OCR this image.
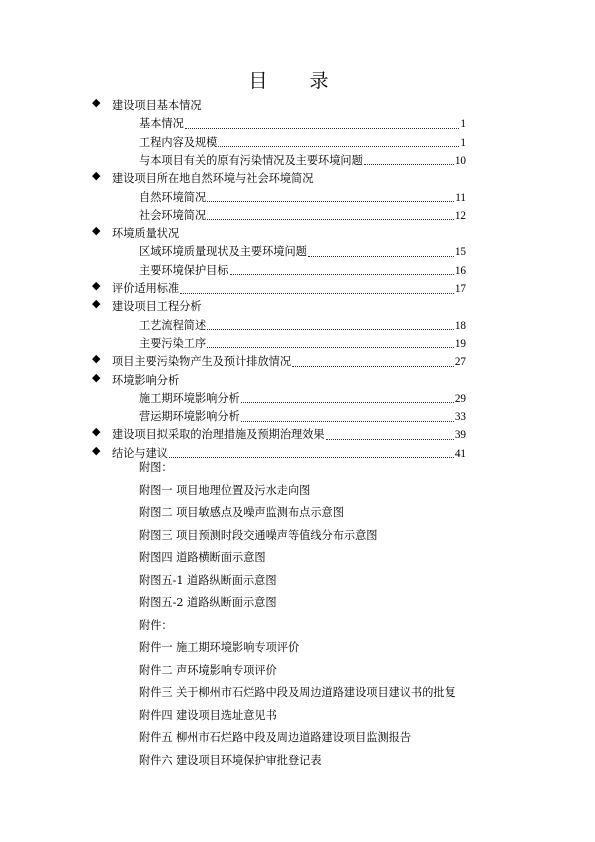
目 录
◆	建设项目基本情况
基本情况	1
工程内容及规模	1
与本项目有关的原有污染情况及主要环境问题	10
◆	建设项目所在地自然环境与社会环境简况
自然环境简况	11
社会环境简况	12
◆	环境质量状况
区域环境质量现状及主要环境问题	15
主要环境保护目标	16
◆	评价适用标准	17
◆	建设项目工程分析
工艺流程简述	18
主要污染工序	19
◆	项目主要污染物产生及预计排放情况	27
◆	环境影响分析
施工期环境影响分析	29
营运期环境影响分析	33
◆	建设项目拟采取的治理措施及预期治理效果	39
◆	结论与建议	41
附图：
附图一 项目地理位置及污水走向图
附图二 项目敏感点及噪声监测布点示意图
附图三 项目预测时段交通噪声等值线分布示意图
附图四 道路横断面示意图
附图五-1 道路纵断面示意图
附图五-2 道路纵断面示意图
附件：
附件一 施工期环境影响专项评价
附件二 声环境影响专项评价
附件三 关于柳州市石烂路中段及周边道路建设项目建议书的批复
附件四 建设项目选址意见书
附件五 柳州市石烂路中段及周边道路建设项目监测报告
附件六 建设项目环境保护审批登记表
